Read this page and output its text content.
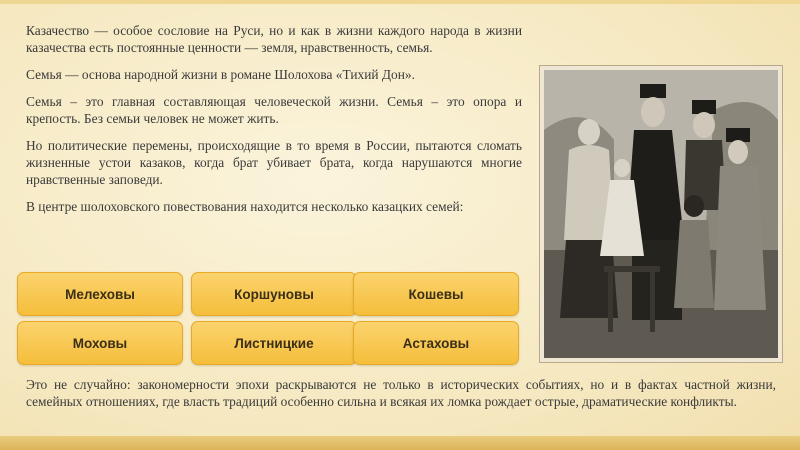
Казачество — особое сословие на Руси, но и как в жизни каждого народа в жизни казачества есть постоянные ценности — земля, нравственность, семья.

Семья — основа народной жизни в романе Шолохова «Тихий Дон».

Семья – это главная составляющая человеческой жизни. Семья – это опора и крепость. Без семьи человек не может жить.

Но политические перемены, происходящие в то время в России, пытаются сломать жизненные устои казаков, когда брат убивает брата, когда нарушаются многие нравственные заповеди.

В центре шолоховского повествования находится несколько казацких семей:

Мелеховы	Коршуновы	Кошевы
Моховы	Листницкие	Астаховы
Это не случайно: закономерности эпохи раскрываются не только в исторических событиях, но и в фактах частной жизни, семейных отношениях, где власть традиций особенно сильна и всякая их ломка рождает острые, драматические конфликты.
